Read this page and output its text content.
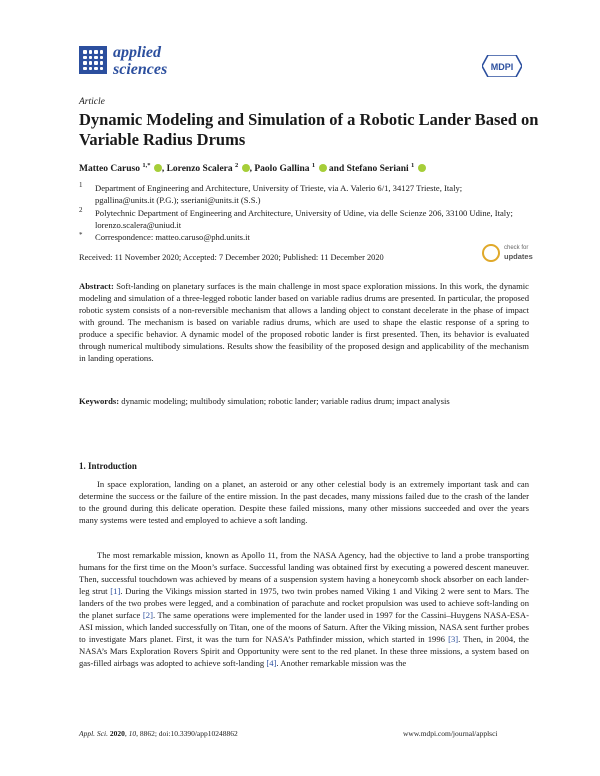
applied
sciences	MDPI
Article
Dynamic Modeling and Simulation of a Robotic Lander Based on Variable Radius Drums
Matteo Caruso $^{1,*}$ , Lorenzo Scalera $^2$ , Paolo Gallina $^1$  and Stefano Seriani $^1$
1 Department of Engineering and Architecture, University of Trieste, via A. Valerio 6/1, 34127 Trieste, Italy; pgallina@units.it (P.G.); sseriani@units.it (S.S.)
2 Polytechnic Department of Engineering and Architecture, University of Udine, via delle Scienze 206, 33100 Udine, Italy; lorenzo.scalera@uniud.it
* Correspondence: matteo.caruso@phd.units.it
Received: 11 November 2020; Accepted: 7 December 2020; Published: 11 December 2020
check for
updates
Abstract: Soft-landing on planetary surfaces is the main challenge in most space exploration missions. In this work, the dynamic modeling and simulation of a three-legged robotic lander based on variable radius drums are presented. In particular, the proposed robotic system consists of a non-reversible mechanism that allows a landing object to constant decelerate in the phase of impact with ground. The mechanism is based on variable radius drums, which are used to shape the elastic response of a spring to produce a specific behavior. A dynamic model of the proposed robotic lander is first presented. Then, its behavior is evaluated through numerical multibody simulations. Results show the feasibility of the proposed design and applicability of the mechanism in landing operations.
Keywords: dynamic modeling; multibody simulation; robotic lander; variable radius drum; impact analysis
1. Introduction
In space exploration, landing on a planet, an asteroid or any other celestial body is an extremely important task and can determine the success or the failure of the entire mission. In the past decades, many missions failed due to the crash of the lander to the ground during this delicate operation. Despite these failed missions, many other missions succeeded and over the years many systems were tested and employed to achieve a soft landing.
The most remarkable mission, known as Apollo 11, from the NASA Agency, had the objective to land a probe transporting humans for the first time on the Moon’s surface. Successful landing was obtained first by executing a powered descent maneuver. Then, successful touchdown was achieved by means of a suspension system having a honeycomb shock absorber on each lander-leg strut [1]. During the Vikings mission started in 1975, two twin probes named Viking 1 and Viking 2 were sent to Mars. The landers of the two probes were legged, and a combination of parachute and rocket propulsion was used to achieve soft-landing on the planet surface [2]. The same operations were implemented for the lander used in 1997 for the Cassini–Huygens NASA-ESA-ASI mission, which landed successfully on Titan, one of the moons of Saturn. After the Viking mission, NASA sent further probes to investigate Mars planet. First, it was the turn for NASA’s Pathfinder mission, which started in 1996 [3]. Then, in 2004, the NASA’s Mars Exploration Rovers Spirit and Opportunity were sent to the red planet. In these three missions, a system based on gas-filled airbags was adopted to achieve soft-landing [4]. Another remarkable mission was the
Appl. Sci. 2020, 10, 8862; doi:10.3390/app10248862	www.mdpi.com/journal/applsci
